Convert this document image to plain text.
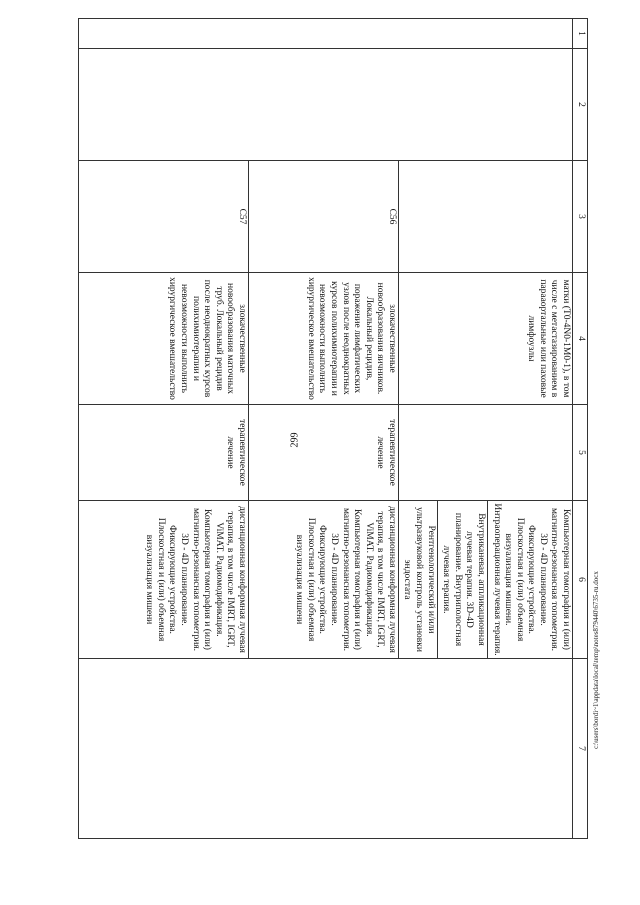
299
1	2	3	4	5	6	7
			матки (T0-4N0-1M0-1), в том числе с метастазированием в парааортальные или паховые лимфоузлы		Компьютерная томография и (или) магнитно-резонансная топометрия. 3D - 4D планирование. Фиксирующие устройства. Плоскостная и (или) объемная визуализация мишени. Интраоперационная лучевая терапия.
Внутриканевая, аппликационная лучевая терапия. 3D-4D планирование. Внутриполостная лучевая терапия.
Рентгенологический и/или ультразвуковой контроль установки эндостата	

		C56	злокачественные новообразования яичников. Локальный рецидив, поражение лимфатических узлов после неоднократных курсов полихимиотерапии и невозможности выполнить хирургическое вмешательство	терапевтическое лечение	дистанционная конформная лучевая терапия, в том числе IMRT, IGRT, ViMAT. Радиомодификация. Компьютерная томография и (или) магнитно-резонансная топометрия. 3D - 4D планирование. Фиксирующие устройства. Плоскостная и (или) объемная визуализация мишени	
		C57	злокачественные новообразования маточных труб. Локальный рецидив после неоднократных курсов полихимиотерапии и невозможности выполнить хирургическое вмешательство	терапевтическое лечение	дистанционная конформная лучевая терапия, в том числе IMRT, IGRT, ViMAT. Радиомодификация. Компьютерная томография и (или) магнитно-резонансная топометрия. 3D - 4D планирование. Фиксирующие устройства. Плоскостная и (или) объемная визуализация мишени		c:\users\bordi~1\appdata\local\temp\notes879440\6735-ru.docx
